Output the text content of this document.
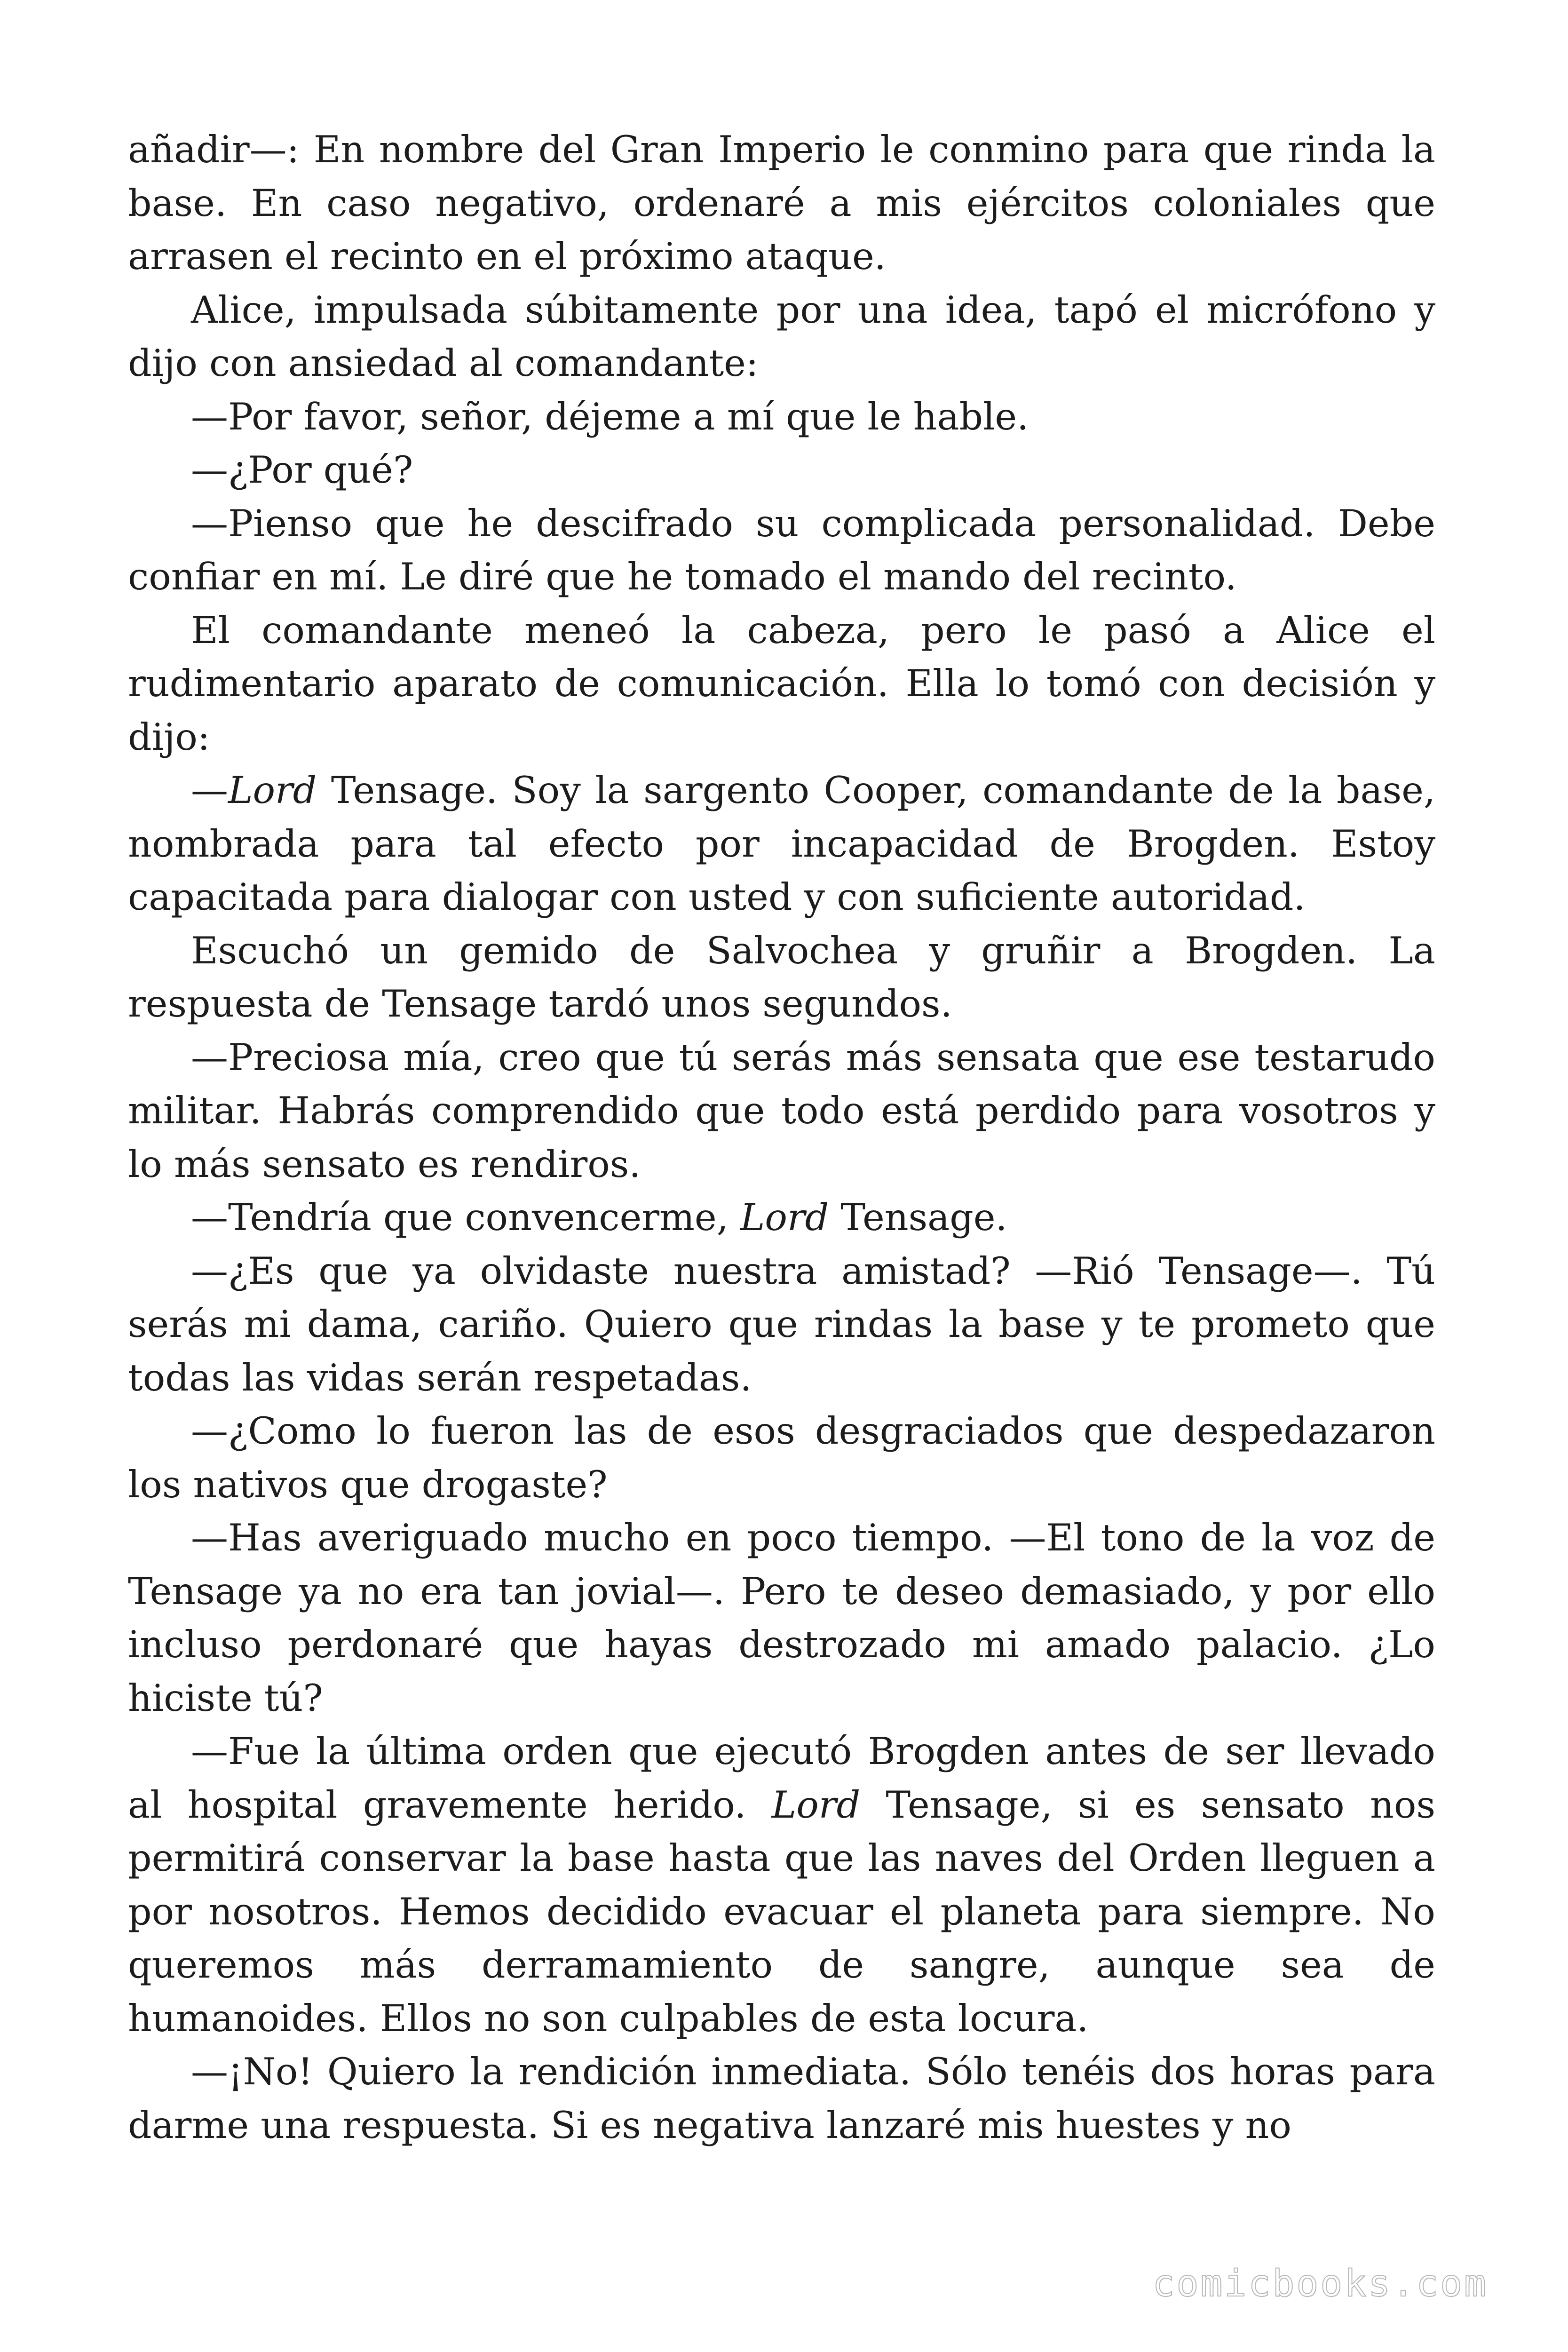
añadir—: En nombre del Gran Imperio le conmino para que rinda la base. En caso negativo, ordenaré a mis ejércitos coloniales que arrasen el recinto en el próximo ataque.

Alice, impulsada súbitamente por una idea, tapó el micrófono y dijo con ansiedad al comandante:

—Por favor, señor, déjeme a mí que le hable.

—¿Por qué?

—Pienso que he descifrado su complicada personalidad. Debe confiar en mí. Le diré que he tomado el mando del recinto.

El comandante meneó la cabeza, pero le pasó a Alice el rudimentario aparato de comunicación. Ella lo tomó con decisión y dijo:

—Lord Tensage. Soy la sargento Cooper, comandante de la base, nombrada para tal efecto por incapacidad de Brogden. Estoy capacitada para dialogar con usted y con suficiente autoridad.

Escuchó un gemido de Salvochea y gruñir a Brogden. La respuesta de Tensage tardó unos segundos.

—Preciosa mía, creo que tú serás más sensata que ese testarudo militar. Habrás comprendido que todo está perdido para vosotros y lo más sensato es rendiros.

—Tendría que convencerme, Lord Tensage.

—¿Es que ya olvidaste nuestra amistad? —Rió Tensage—. Tú serás mi dama, cariño. Quiero que rindas la base y te prometo que todas las vidas serán respetadas.

—¿Como lo fueron las de esos desgraciados que despedazaron los nativos que drogaste?

—Has averiguado mucho en poco tiempo. —El tono de la voz de Tensage ya no era tan jovial—. Pero te deseo demasiado, y por ello incluso perdonaré que hayas destrozado mi amado palacio. ¿Lo hiciste tú?

—Fue la última orden que ejecutó Brogden antes de ser llevado al hospital gravemente herido. Lord Tensage, si es sensato nos permitirá conservar la base hasta que las naves del Orden lleguen a por nosotros. Hemos decidido evacuar el planeta para siempre. No queremos más derramamiento de sangre, aunque sea de humanoides. Ellos no son culpables de esta locura.

—¡No! Quiero la rendición inmediata. Sólo tenéis dos horas para darme una respuesta. Si es negativa lanzaré mis huestes y no

comicbooks.com
